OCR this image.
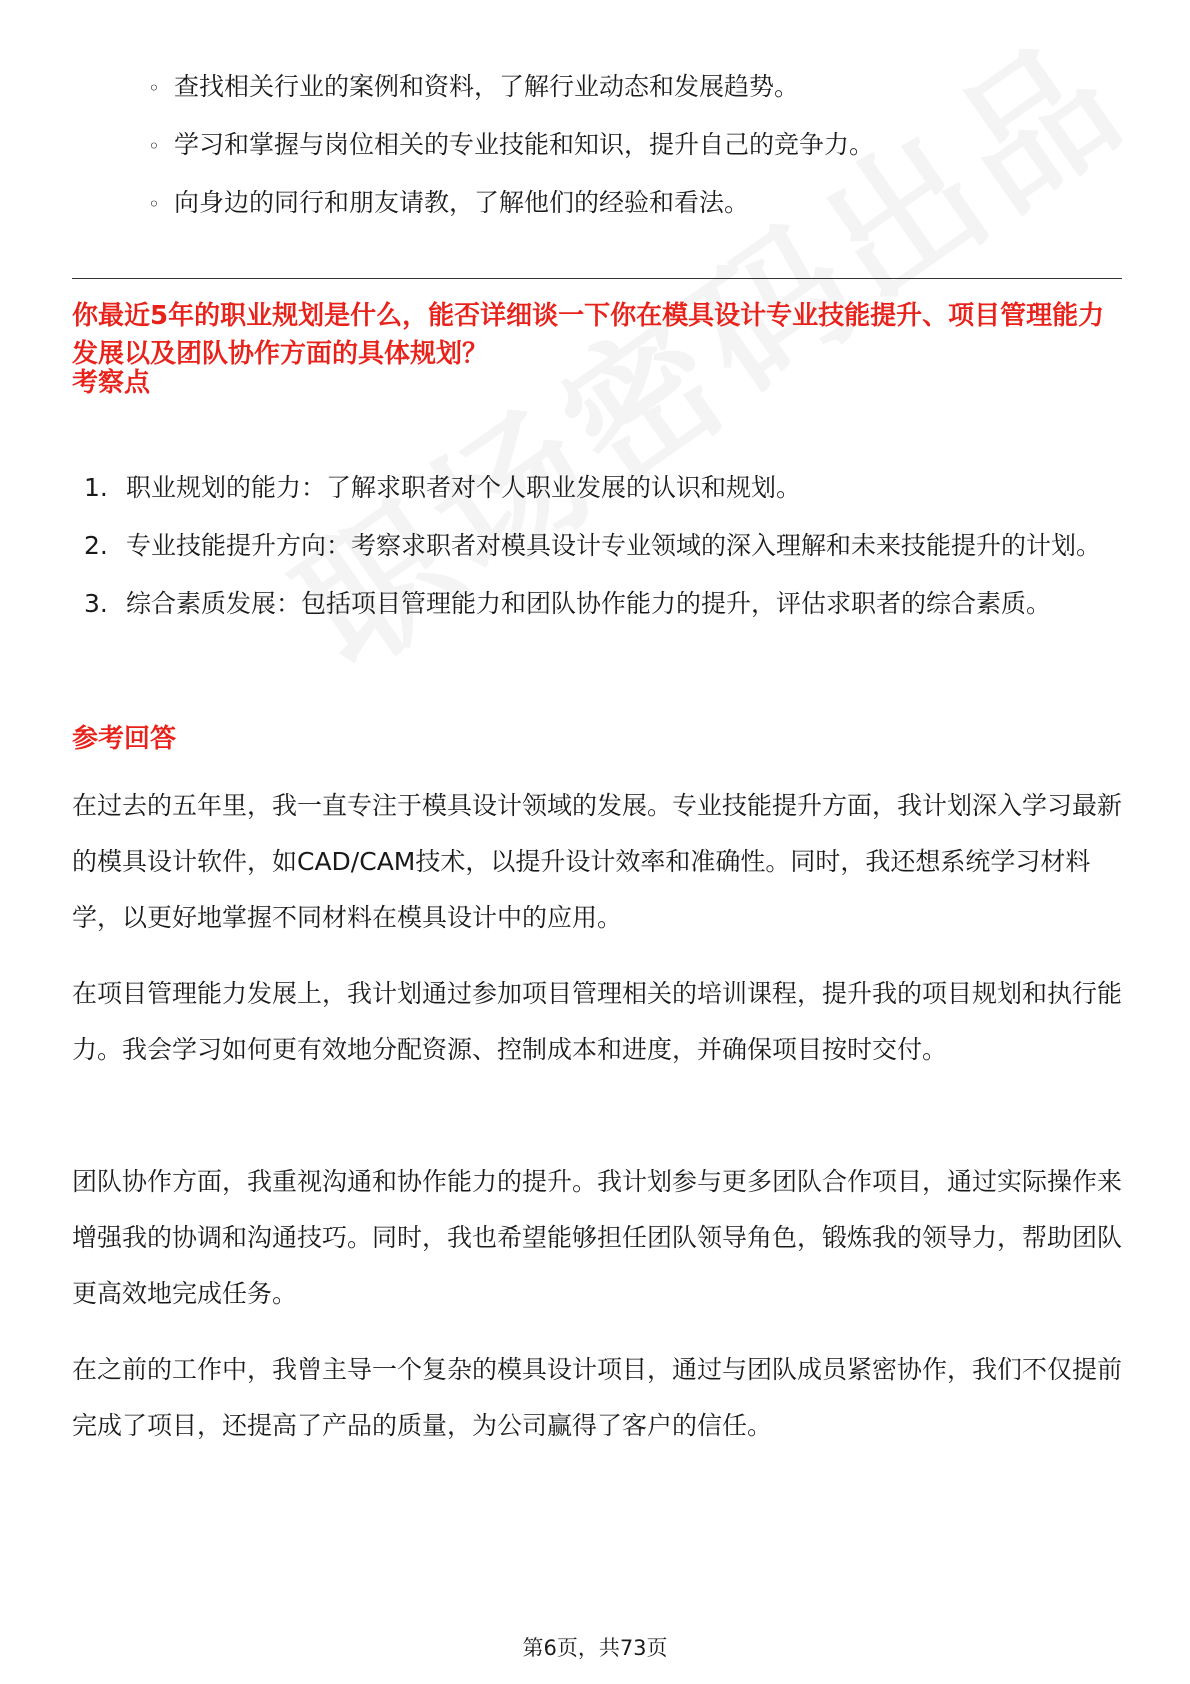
◦ 查找相关行业的案例和资料，了解行业动态和发展趋势。
◦ 学习和掌握与岗位相关的专业技能和知识，提升自己的竞争力。
◦ 向身边的同行和朋友请教，了解他们的经验和看法。
你最近5年的职业规划是什么，能否详细谈一下你在模具设计专业技能提升、项目管理能力发展以及团队协作方面的具体规划？
考察点
1. 职业规划的能力：了解求职者对个人职业发展的认识和规划。
2. 专业技能提升方向：考察求职者对模具设计专业领域的深入理解和未来技能提升的计划。
3. 综合素质发展：包括项目管理能力和团队协作能力的提升，评估求职者的综合素质。
参考回答

在过去的五年里，我一直专注于模具设计领域的发展。专业技能提升方面，我计划深入学习最新的模具设计软件，如CAD/CAM技术，以提升设计效率和准确性。同时，我还想系统学习材料学，以更好地掌握不同材料在模具设计中的应用。

在项目管理能力发展上，我计划通过参加项目管理相关的培训课程，提升我的项目规划和执行能力。我会学习如何更有效地分配资源、控制成本和进度，并确保项目按时交付。

团队协作方面，我重视沟通和协作能力的提升。我计划参与更多团队合作项目，通过实际操作来增强我的协调和沟通技巧。同时，我也希望能够担任团队领导角色，锻炼我的领导力，帮助团队更高效地完成任务。

在之前的工作中，我曾主导一个复杂的模具设计项目，通过与团队成员紧密协作，我们不仅提前完成了项目，还提高了产品的质量，为公司赢得了客户的信任。

第6页，共73页
